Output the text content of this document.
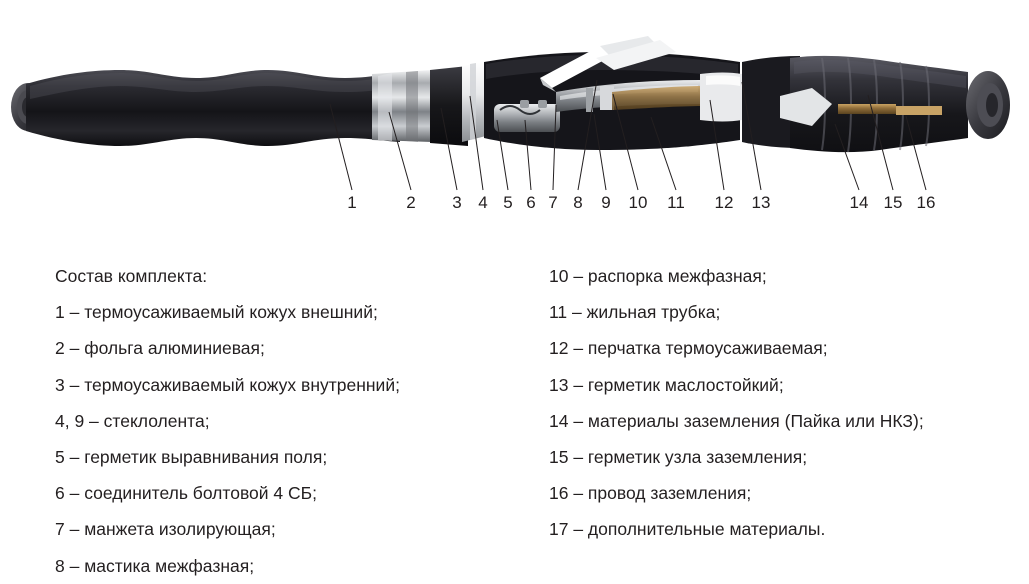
1	2 3 4 5 6 7 8 9 10 11 12 13	14 15 16
Состав комплекта:
1 – термоусаживаемый кожух внешний;
2 – фольга алюминиевая;
3 – термоусаживаемый кожух внутренний;
4, 9 – стеклолента;
5 – герметик выравнивания поля;
6 – соединитель болтовой 4 СБ;
7 – манжета изолирующая;
8 – мастика межфазная;
10 – распорка межфазная;
11 – жильная трубка;
12 – перчатка термоусаживаемая;
13 – герметик маслостойкий;
14 – материалы заземления (Пайка или НКЗ);
15 – герметик узла заземления;
16 – провод заземления;
17 – дополнительные материалы.
